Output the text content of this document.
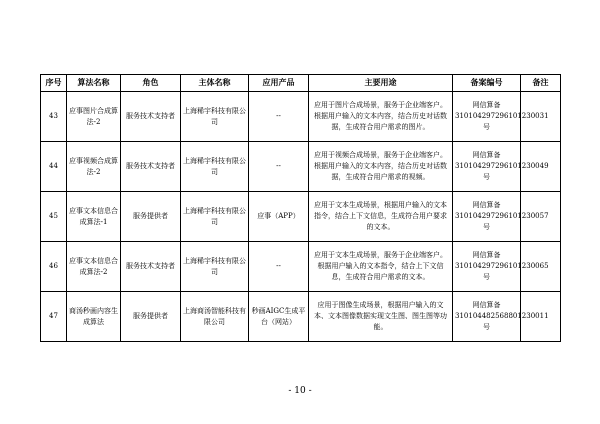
序号	算法名称	角色	主体名称	应用产品	主要用途	备案编号	备注
43	应事图片合成算法-2	服务技术支持者	上海稀宇科技有限公司	--	应用于图片合成场景，服务于企业端客户。根据用户输入的文本内容，结合历史对话数据，生成符合用户需求的图片。	网信算备310104297296101230031号	
44	应事视频合成算法-2	服务技术支持者	上海稀宇科技有限公司	--	应用于视频合成场景，服务于企业端客户。根据用户输入的文本内容，结合历史对话数据，生成符合用户需求的视频。	网信算备310104297296101230049号	
45	应事文本信息合成算法-1	服务提供者	上海稀宇科技有限公司	应事（APP）	应用于文本生成场景，根据用户输入的文本指令，结合上下文信息，生成符合用户要求的文本。	网信算备310104297296101230057号	
46	应事文本信息合成算法-2	服务技术支持者	上海稀宇科技有限公司	--	应用于文本生成场景，服务于企业端客户。根据用户输入的文本指令，结合上下文信息，生成符合用户需求的文本。	网信算备310104297296101230065号	
47	商汤秒画内容生成算法	服务提供者	上海商汤智能科技有限公司	秒画AIGC生成平台（网站）	应用于图像生成场景，根据用户输入的文本、文本图像数据实现文生图、图生图等功能。	网信算备310104482568801230011号	
- 10 -
